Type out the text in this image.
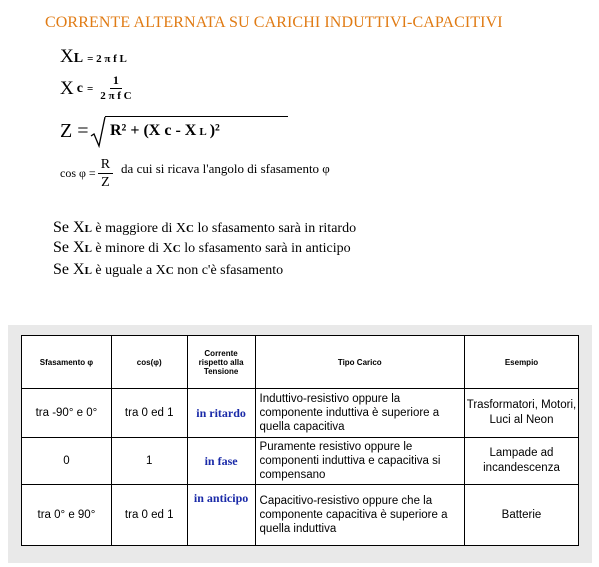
CORRENTE ALTERNATA SU CARICHI INDUTTIVI-CAPACITIVI
XL = 2 π f L
X $c = \frac{1}{\text{2 π f C}}$
Z = R² + (X c - X L )²
$\cos \varphi = \frac{R}{Z}$ da cui si ricava l'angolo di sfasamento φ
Se XL è maggiore di XC lo sfasamento sarà in ritardo
Se XL è minore di XC lo sfasamento sarà in anticipo
Se XL è uguale a XC non c'è sfasamento
Sfasamento φ	cos(φ)	Corrente rispetto alla Tensione	Tipo Carico	Esempio
tra -90° e 0°	tra 0 ed 1	in ritardo	Induttivo-resistivo oppure la componente induttiva è superiore a quella capacitiva	Trasformatori, Motori, Luci al Neon
0	1	in fase	Puramente resistivo oppure le componenti induttiva e capacitiva si compensano	Lampade ad incandescenza
tra 0° e 90°	tra 0 ed 1	in anticipo	Capacitivo-resistivo oppure che la componente capacitiva è superiore a quella induttiva	Batterie
